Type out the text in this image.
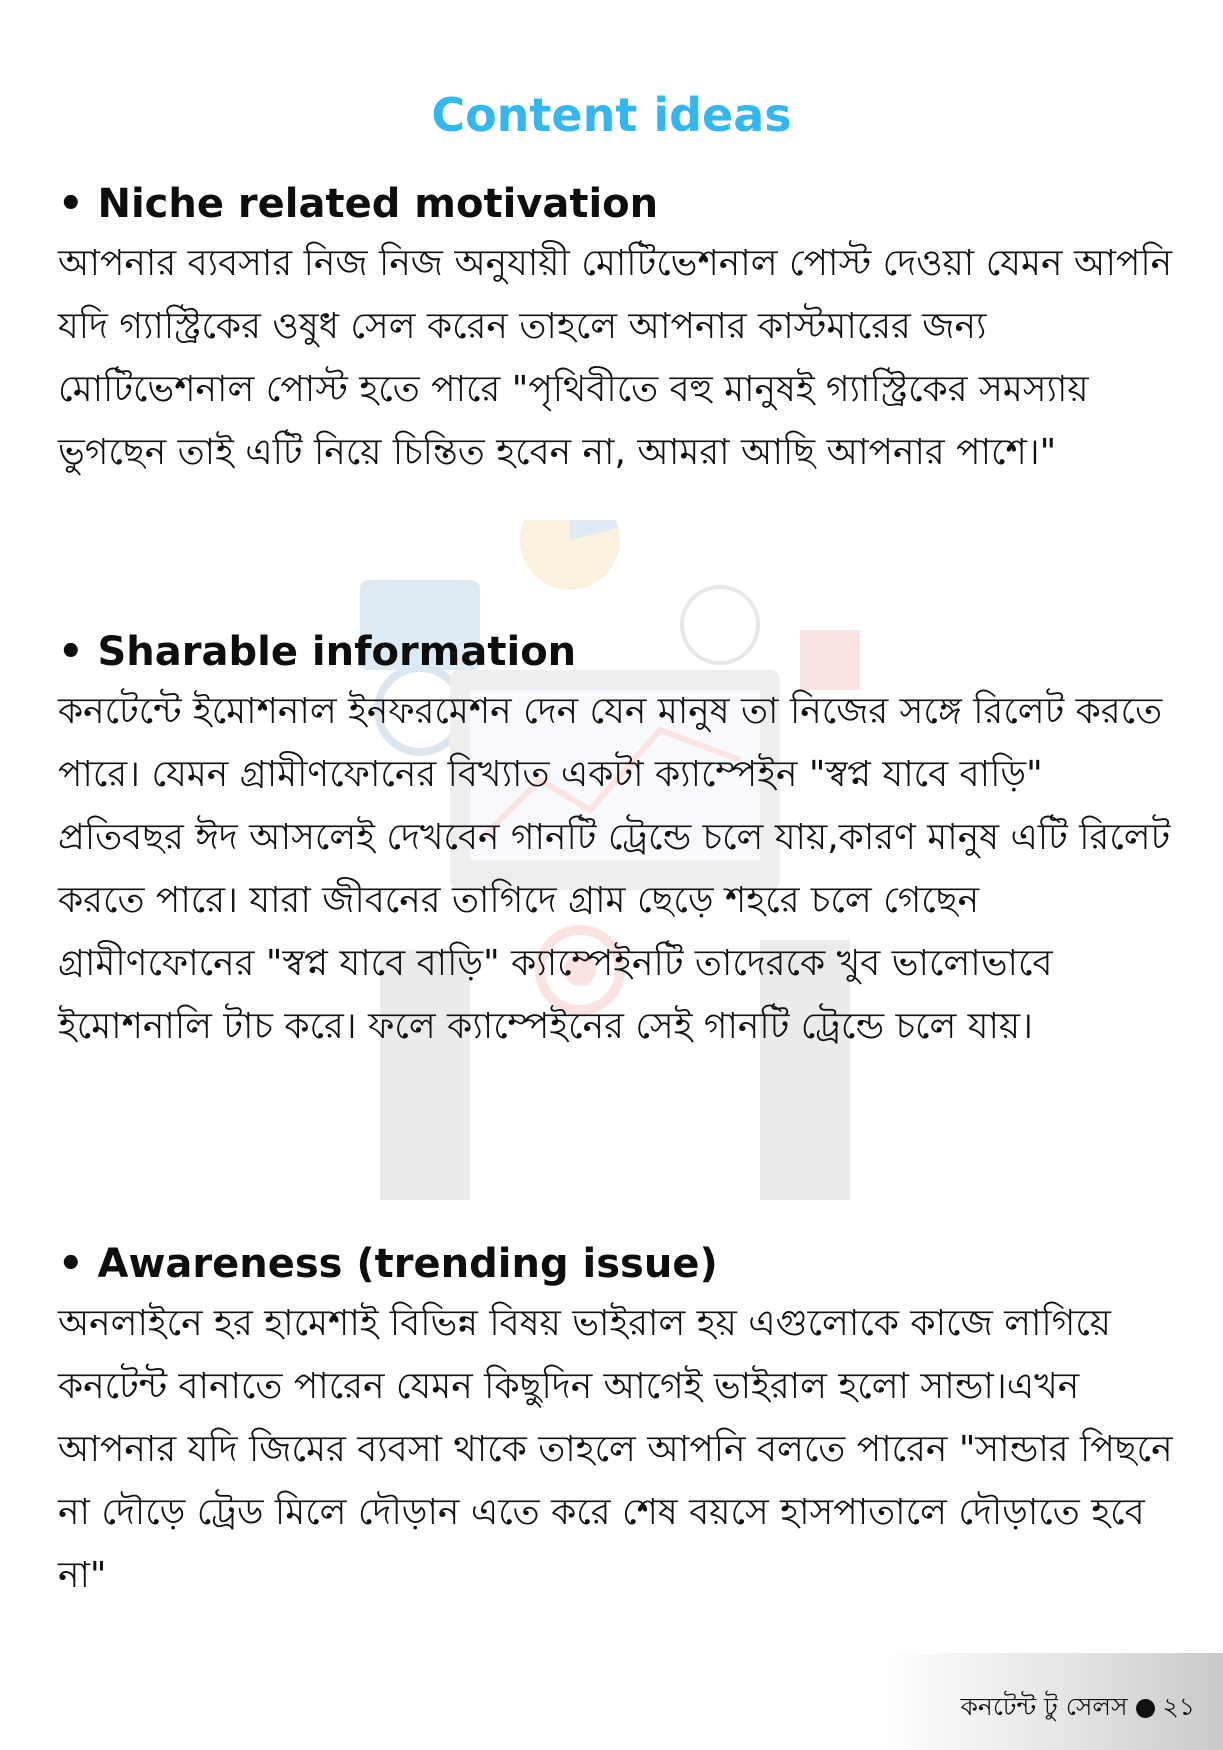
Content ideas
• Niche related motivation

আপনার ব্যবসার নিজ নিজ অনুযায়ী মোটিভেশনাল পোস্ট দেওয়া যেমন আপনি যদি গ্যাস্ট্রিকের ওষুধ সেল করেন তাহলে আপনার কাস্টমারের জন্য মোটিভেশনাল পোস্ট হতে পারে "পৃথিবীতে বহু মানুষই গ্যাস্ট্রিকের সমস্যায় ভুগছেন তাই এটি নিয়ে চিন্তিত হবেন না, আমরা আছি আপনার পাশে।"

• Sharable information

কনটেন্টে ইমোশনাল ইনফরমেশন দেন যেন মানুষ তা নিজের সঙ্গে রিলেট করতে পারে। যেমন গ্রামীণফোনের বিখ্যাত একটা ক্যাম্পেইন "স্বপ্ন যাবে বাড়ি" প্রতিবছর ঈদ আসলেই দেখবেন গানটি ট্রেন্ডে চলে যায়,কারণ মানুষ এটি রিলেট করতে পারে। যারা জীবনের তাগিদে গ্রাম ছেড়ে শহরে চলে গেছেন গ্রামীণফোনের "স্বপ্ন যাবে বাড়ি" ক্যাম্পেইনটি তাদেরকে খুব ভালোভাবে ইমোশনালি টাচ করে। ফলে ক্যাম্পেইনের সেই গানটি ট্রেন্ডে চলে যায়।

• Awareness (trending issue)

অনলাইনে হর হামেশাই বিভিন্ন বিষয় ভাইরাল হয় এগুলোকে কাজে লাগিয়ে কনটেন্ট বানাতে পারেন যেমন কিছুদিন আগেই ভাইরাল হলো সান্ডা।এখন আপনার যদি জিমের ব্যবসা থাকে তাহলে আপনি বলতে পারেন "সান্ডার পিছনে না দৌড়ে ট্রেড মিলে দৌড়ান এতে করে শেষ বয়সে হাসপাতালে দৌড়াতে হবে না"

কনটেন্ট টু সেলস ২১
